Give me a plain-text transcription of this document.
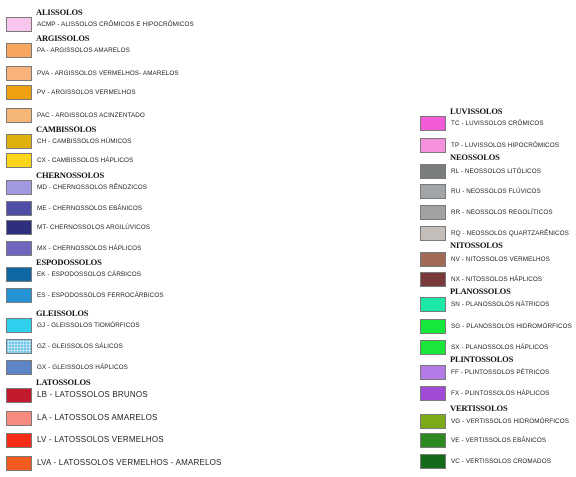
ALISSOLOS
ACMP - ALISSOLOS CRÔMICOS E HIPOCRÔMICOS
ARGISSOLOS
PA - ARGISSOLOS AMARELOS
PVA - ARGISSOLOS VERMELHOS- AMARELOS
PV - ARGISSOLOS VERMELHOS
PAC - ARGISSOLOS ACINZENTADO
CAMBISSOLOS
CH - CAMBISSOLOS HÚMICOS
CX - CAMBISSOLOS HÁPLICOS
CHERNOSSOLOS
MD - CHERNOSSOLOS RÊNDZICOS
ME - CHERNOSSOLOS EBÂNICOS
MT- CHERNOSSOLOS ARGILÚVICOS
MX - CHERNOSSOLOS HÁPLICOS
ESPODOSSOLOS
EK - ESPODOSSOLOS CÁRBICOS
ES - ESPODOSSOLOS FERROCÁRBICOS
GLEISSOLOS
GJ - GLEISSOLOS TIOMÓRFICOS
GZ - GLEISSOLOS SÁLICOS
GX - GLEISSOLOS HÁPLICOS
LATOSSOLOS
LB - LATOSSOLOS BRUNOS
LA - LATOSSOLOS AMARELOS
LV - LATOSSOLOS VERMELHOS
LVA - LATOSSOLOS VERMELHOS - AMARELOS
LUVISSOLOS
TC - LUVISSOLOS CRÔMICOS
TP - LUVISSOLOS HIPOCRÔMICOS
NEOSSOLOS
RL - NEOSSOLOS LITÓLICOS
RU - NEOSSOLOS FLÚVICOS
RR - NEOSSOLOS REGOLÍTICOS
RQ - NEOSSOLOS QUARTZARÊNICOS
NITOSSOLOS
NV - NITOSSOLOS VERMELHOS
NX - NITOSSOLOS HÁPLICOS
PLANOSSOLOS
SN - PLANOSSOLOS NÁTRICOS
SG - PLANOSSOLOS HIDROMÓRFICOS
SX - PLANOSSOLOS HÁPLICOS
PLINTOSSOLOS
FF - PLINTOSSOLOS PÉTRICOS
FX - PLINTOSSOLOS HÁPLICOS
VERTISSOLOS
VG - VERTISSOLOS HIDROMÓRFICOS
VE - VERTISSOLOS EBÂNICOS
VC - VERTISSOLOS CROMADOS
